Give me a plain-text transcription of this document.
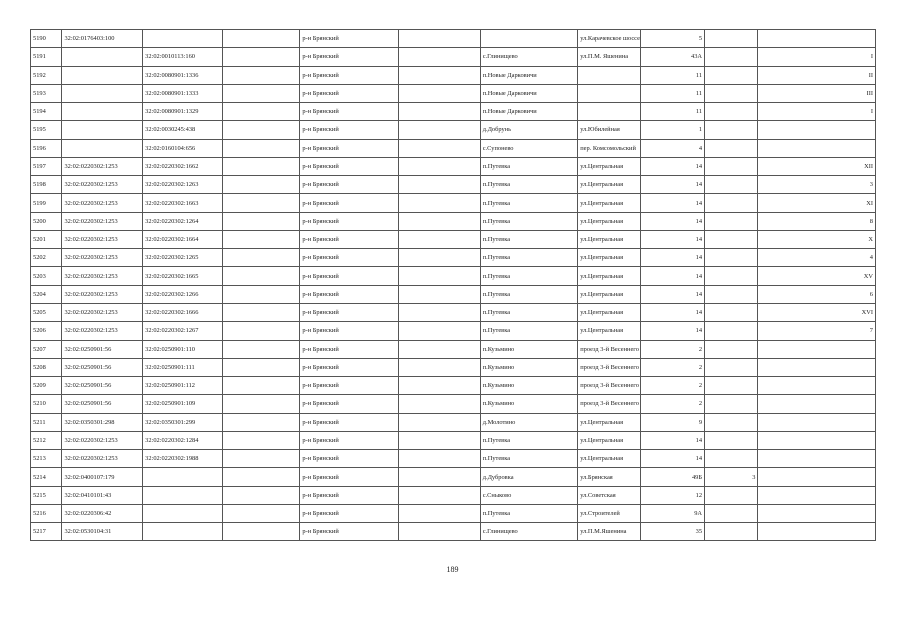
5190	32:02:0176403:100			р-н Брянский			ул.Карачевское шоссе	5		
5191		32:02:0010113:160		р-н Брянский		с.Глинищево	ул.П.М. Яшенина	43А		I
5192		32:02:0080901:1336		р-н Брянский		п.Новые Дарковичи		11		II
5193		32:02:0080901:1333		р-н Брянский		п.Новые Дарковичи		11		III
5194		32:02:0080901:1329		р-н Брянский		п.Новые Дарковичи		11		I
5195		32:02:0030245:438		р-н Брянский		д.Добрунь	ул.Юбилейная	1		
5196		32:02:0160104:656		р-н Брянский		с.Супонево	пер. Комсомольский	4		
5197	32:02:0220302:1253	32:02:0220302:1662		р-н Брянский		п.Путевка	ул.Центральная	14		XII
5198	32:02:0220302:1253	32:02:0220302:1263		р-н Брянский		п.Путевка	ул.Центральная	14		3
5199	32:02:0220302:1253	32:02:0220302:1663		р-н Брянский		п.Путевка	ул.Центральная	14		XI
5200	32:02:0220302:1253	32:02:0220302:1264		р-н Брянский		п.Путевка	ул.Центральная	14		8
5201	32:02:0220302:1253	32:02:0220302:1664		р-н Брянский		п.Путевка	ул.Центральная	14		X
5202	32:02:0220302:1253	32:02:0220302:1265		р-н Брянский		п.Путевка	ул.Центральная	14		4
5203	32:02:0220302:1253	32:02:0220302:1665		р-н Брянский		п.Путевка	ул.Центральная	14		XV
5204	32:02:0220302:1253	32:02:0220302:1266		р-н Брянский		п.Путевка	ул.Центральная	14		6
5205	32:02:0220302:1253	32:02:0220302:1666		р-н Брянский		п.Путевка	ул.Центральная	14		XVI
5206	32:02:0220302:1253	32:02:0220302:1267		р-н Брянский		п.Путевка	ул.Центральная	14		7
5207	32:02:0250901:56	32:02:0250901:110		р-н Брянский		п.Кузьмино	проезд 3-й Весеннего	2		
5208	32:02:0250901:56	32:02:0250901:111		р-н Брянский		п.Кузьмино	проезд 3-й Весеннего	2		
5209	32:02:0250901:56	32:02:0250901:112		р-н Брянский		п.Кузьмино	проезд 3-й Весеннего	2		
5210	32:02:0250901:56	32:02:0250901:109		р-н Брянский		п.Кузьмино	проезд 3-й Весеннего	2		
5211	32:02:0350301:298	32:02:0350301:299		р-н Брянский		д.Молотино	ул.Центральная	9		
5212	32:02:0220302:1253	32:02:0220302:1284		р-н Брянский		п.Путевка	ул.Центральная	14		
5213	32:02:0220302:1253	32:02:0220302:1988		р-н Брянский		п.Путевка	ул.Центральная	14		
5214	32:02:0400107:179			р-н Брянский		д.Дубровка	ул.Брянская	49Б	3	
5215	32:02:0410101:43			р-н Брянский		с.Сныково	ул.Советская	12		
5216	32:02:0220306:42			р-н Брянский		п.Путевка	ул.Строителей	9А		
5217	32:02:0530104:31			р-н Брянский		с.Глинищево	ул.П.М.Яшенина	35		
189
